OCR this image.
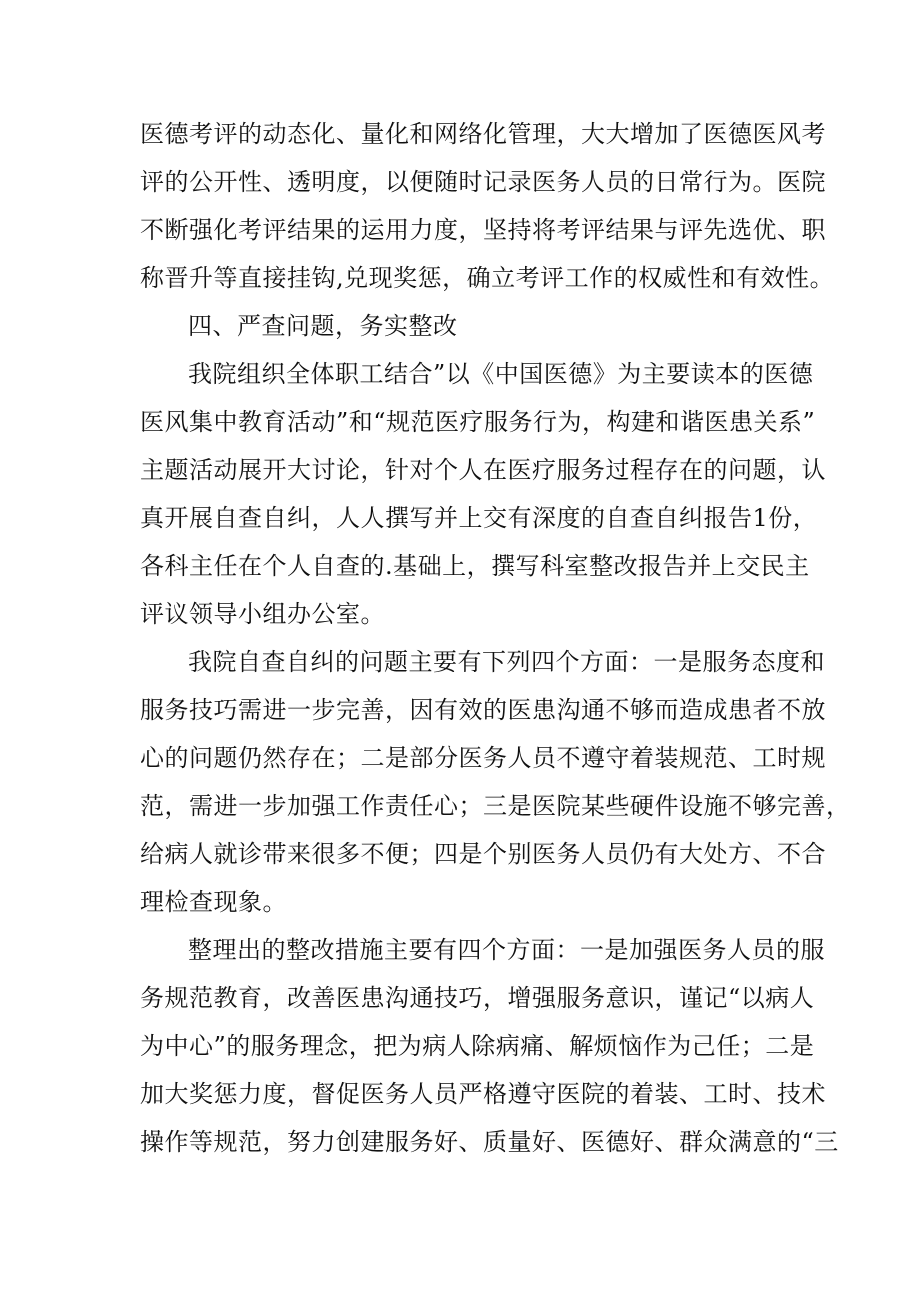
医德考评的动态化、量化和网络化管理，大大增加了医德医风考
评的公开性、透明度，以便随时记录医务人员的日常行为。医院
不断强化考评结果的运用力度，坚持将考评结果与评先选优、职
称晋升等直接挂钩,兑现奖惩，确立考评工作的权威性和有效性。
四、严查问题，务实整改
我院组织全体职工结合”以《中国医德》为主要读本的医德
医风集中教育活动”和“规范医疗服务行为，构建和谐医患关系”
主题活动展开大讨论，针对个人在医疗服务过程存在的问题，认
真开展自查自纠，人人撰写并上交有深度的自查自纠报告1份，
各科主任在个人自查的.基础上，撰写科室整改报告并上交民主
评议领导小组办公室。
我院自查自纠的问题主要有下列四个方面：一是服务态度和
服务技巧需进一步完善，因有效的医患沟通不够而造成患者不放
心的问题仍然存在；二是部分医务人员不遵守着装规范、工时规
范，需进一步加强工作责任心；三是医院某些硬件设施不够完善，
给病人就诊带来很多不便；四是个别医务人员仍有大处方、不合
理检查现象。
整理出的整改措施主要有四个方面：一是加强医务人员的服
务规范教育，改善医患沟通技巧，增强服务意识，谨记“以病人
为中心”的服务理念，把为病人除病痛、解烦恼作为己任；二是
加大奖惩力度，督促医务人员严格遵守医院的着装、工时、技术
操作等规范，努力创建服务好、质量好、医德好、群众满意的“三
